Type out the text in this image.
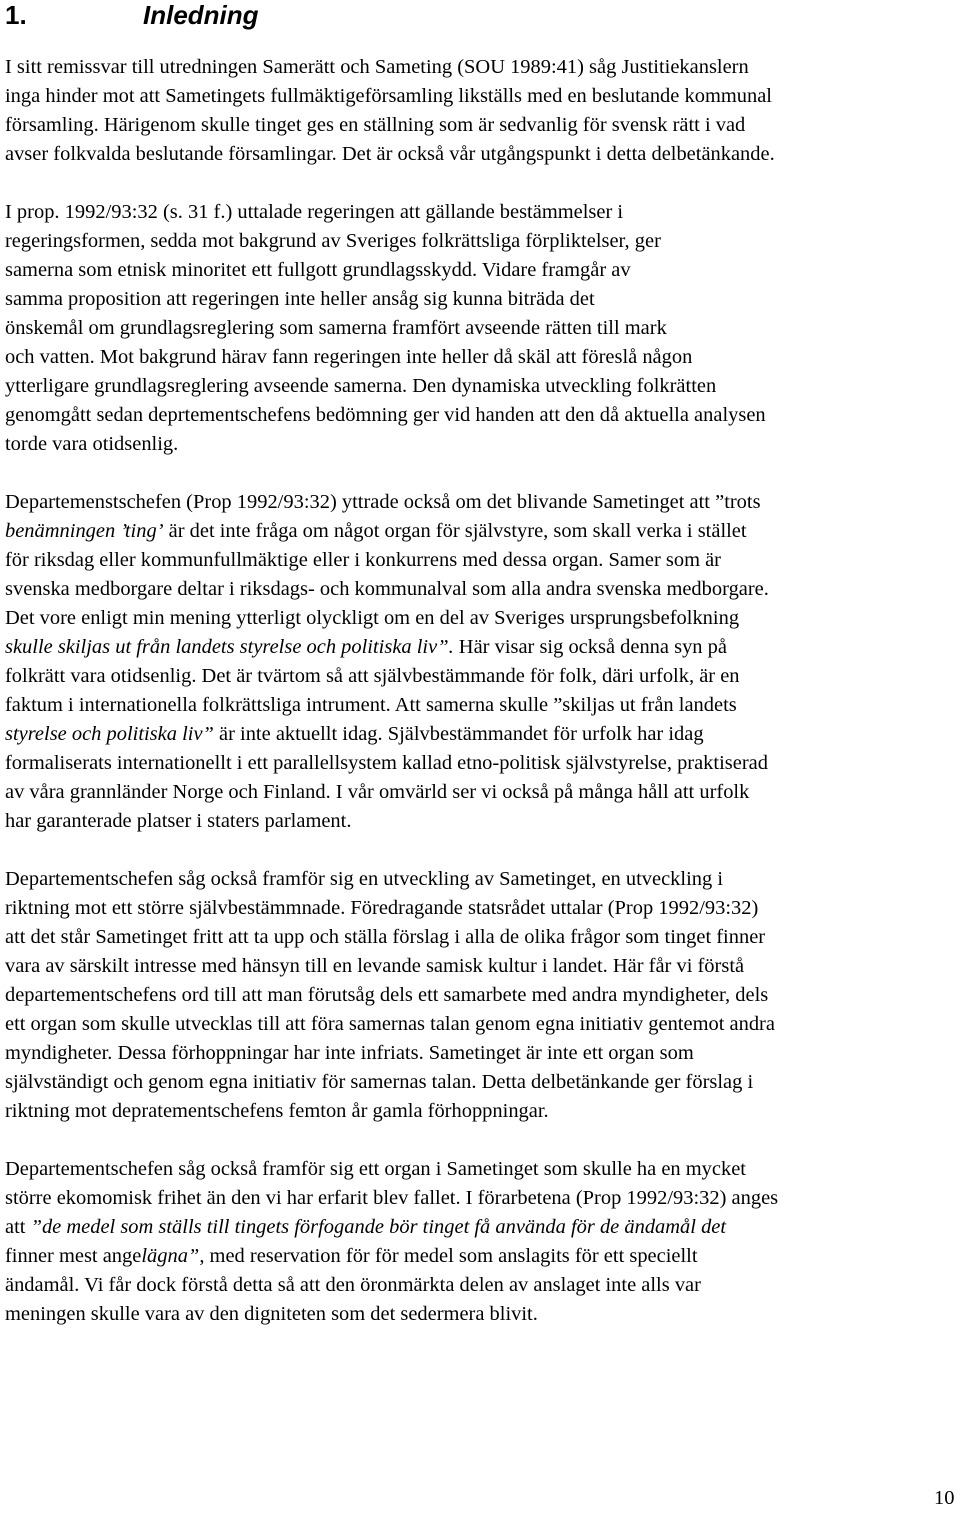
1.	Inledning

I sitt remissvar till utredningen Samerätt och Sameting (SOU 1989:41) såg Justitiekanslern
inga hinder mot att Sametingets fullmäktigeförsamling likställs med en beslutande kommunal
församling. Härigenom skulle tinget ges en ställning som är sedvanlig för svensk rätt i vad
avser folkvalda beslutande församlingar. Det är också vår utgångspunkt i detta delbetänkande.

I prop. 1992/93:32 (s. 31 f.) uttalade regeringen att gällande bestämmelser i
regeringsformen, sedda mot bakgrund av Sveriges folkrättsliga förpliktelser, ger
samerna som etnisk minoritet ett fullgott grundlagsskydd. Vidare framgår av
samma proposition att regeringen inte heller ansåg sig kunna biträda det
önskemål om grundlagsreglering som samerna framfört avseende rätten till mark
och vatten. Mot bakgrund härav fann regeringen inte heller då skäl att föreslå någon
ytterligare grundlagsreglering avseende samerna. Den dynamiska utveckling folkrätten
genomgått sedan deprtementschefens bedömning ger vid handen att den då aktuella analysen
torde vara otidsenlig.

Departemenstschefen (Prop 1992/93:32) yttrade också om det blivande Sametinget att ”trots
benämningen ’ting’ är det inte fråga om något organ för självstyre, som skall verka i stället
för riksdag eller kommunfullmäktige eller i konkurrens med dessa organ. Samer som är
svenska medborgare deltar i riksdags- och kommunalval som alla andra svenska medborgare.
Det vore enligt min mening ytterligt olyckligt om en del av Sveriges ursprungsbefolkning
skulle skiljas ut från landets styrelse och politiska liv”. Här visar sig också denna syn på
folkrätt vara otidsenlig. Det är tvärtom så att självbestämmande för folk, däri urfolk, är en
faktum i internationella folkrättsliga intrument. Att samerna skulle ”skiljas ut från landets
styrelse och politiska liv” är inte aktuellt idag. Självbestämmandet för urfolk har idag
formaliserats internationellt i ett parallellsystem kallad etno-politisk självstyrelse, praktiserad
av våra grannländer Norge och Finland. I vår omvärld ser vi också på många håll att urfolk
har garanterade platser i staters parlament.

Departementschefen såg också framför sig en utveckling av Sametinget, en utveckling i
riktning mot ett större självbestämmnade. Föredragande statsrådet uttalar (Prop 1992/93:32)
att det står Sametinget fritt att ta upp och ställa förslag i alla de olika frågor som tinget finner
vara av särskilt intresse med hänsyn till en levande samisk kultur i landet. Här får vi förstå
departementschefens ord till att man förutsåg dels ett samarbete med andra myndigheter, dels
ett organ som skulle utvecklas till att föra samernas talan genom egna initiativ gentemot andra
myndigheter. Dessa förhoppningar har inte infriats. Sametinget är inte ett organ som
självständigt och genom egna initiativ för samernas talan. Detta delbetänkande ger förslag i
riktning mot depratementschefens femton år gamla förhoppningar.

Departementschefen såg också framför sig ett organ i Sametinget som skulle ha en mycket
större ekomomisk frihet än den vi har erfarit blev fallet. I förarbetena (Prop 1992/93:32) anges
att ”de medel som ställs till tingets förfogande bör tinget få använda för de ändamål det
finner mest angelägna”, med reservation för för medel som anslagits för ett speciellt
ändamål. Vi får dock förstå detta så att den öronmärkta delen av anslaget inte alls var
meningen skulle vara av den digniteten som det sedermera blivit.

10
